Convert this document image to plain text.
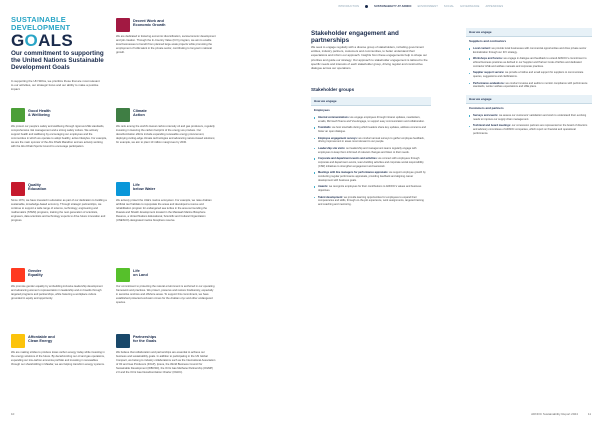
INTRODUCTION	SUSTAINABILITY AT ADNOC ENVIRONMENT SOCIAL GOVERNANCE APPENDICES
SUSTAINABLE
DEVELOPMENT
GOALS
Our commitment to supporting the United Nations Sustainable Development Goals
In supporting the UN SDGs, we prioritize those that are most relevant to our activities, our strategic focus and our ability to make a positive impact.
Decent Work and
Economic Growth
We are dedicated to fostering economic diversification, socioeconomic development and job creation. Through the In-Country Value (ICV) program, we aim to enable local businesses to benefit from planned large-scale projects while promoting the employment of UAE talent in the private sector, contributing to long-term national growth.
Good Health
& Wellbeing
We protect our people's safety and wellbeing through rigorous HSE standards, comprehensive risk management and a strong safety culture. We actively support health and wellbeing by encouraging our employees and the communities in which we operate to adopt healthy, active lifestyles. For example, we are the main sponsor of the Abu Dhabi Marathon and are actively working with the Abu Dhabi Sports Council to encourage participation.
Climate
Action
We rank among the world's lowest carbon-intensity oil and gas producers, regularly investing in lowering the carbon footprint of the energy we produce. Our decarbonization efforts include expanding renewable energy procurement, deploying cutting-edge climate technologies and advancing nature-based solutions; for example, we aim to plant 10 million mangroves by 2030.
Quality
Education
Since 1974, we have invested in education as part of our dedication to building a sustainable, knowledge-based economy. Through strategic partnerships, we continue to support a wide range of science, technology, engineering and mathematics (STEM) programs, training the next generation of scientists, engineers, data scientists and technology experts to drive future innovation and progress.
Life
below Water
We actively protect the UAE's marine ecosystem. For example, we raise Arabian artificial reef habitats to repopulate the areas and developed a rescue and rehabilitation program for endangered sea turtles in the area surrounding the Ruwais and Sheikh development located in the Marawah Marine Biosphere Reserve, a United Nations Educational, Scientific and Cultural Organization (UNESCO)-designated marine biosphere reserve.
Gender
Equality
We promote gender equality by embedding inclusive leadership development and advancing women's representation in leadership and on boards through targeted programs and partnerships, while fostering a workplace culture grounded in equity and opportunity.
Life
on Land
Our commitment to protecting the natural environment is anchored in our operating framework and practices. We protect, preserve and restore biodiversity, especially in sensitive onshore and offshore areas. To support this commitment, we have established protected exclusion zones for the Arabian oryx and other endangered species.
Affordable and
Clean Energy
We are making strides to produce lower-carbon energy today while investing in the energy solutions of the future. By decarbonizing our oil and gas operations, expanding our low-carbon ammonia portfolio and investing in renewables through our shareholding in Masdar, we are helping transform energy systems.
Partnerships
for the Goals
We believe that collaboration and partnerships are essential to achieve our business and sustainability goals. In addition to participating in the UN Global Compact, we belong to industry collaborations such as the International Association of Oil and Gas Producers (IOGP), Ipieca, the World Business Council for Sustainable Development (WBCSD), the Oil & Gas Methane Partnership (OGMP) 2.0 and the Oil & Gas Decarbonization Charter (OGDC).
10
Stakeholder engagement and partnerships
We seek to engage regularly with a diverse group of stakeholders, including government entities, industry partners, customers and communities, to better understand their expectations and inform our approach. Insights from these engagements help to shape our priorities and guide our strategy. Our approach to stakeholder engagement is tailored to the specific needs and interests of each stakeholder group, driving regular and constructive dialogue across our operations.
Stakeholder groups
How we engage
Employees
Internal communications: we engage employees through intranet updates, newsletters, emails, Microsoft Teams and Viva Engage, to support easy communication and collaboration.
Townhalls: we host townhalls during which leaders share key updates, address concerns and foster an open dialogue.
Employee engagement surveys: we conduct annual surveys to gather employee feedback, driving improvement in areas most relevant to our people.
Leadership site visits: our leadership and management teams regularly engage with employees to keep them informed of relevant changes and listen to their needs.
Corporate and department events and activities: we connect with employees through corporate and department events, team-building activities and corporate social responsibility (CSR) initiatives to strengthen engagement and teamwork.
Meetings with line managers for performance appraisals: we support employee growth by conducting regular performance appraisals, providing feedback and aligning career development with business goals.
Awards: we recognize employees for their contributions to ADNOC's values and business objectives.
Talent development: we provide learning opportunities for employees to expand their competencies and skills, through on-the-job experience, work assignments, targeted training and coaching and mentoring.
How we engage
Suppliers and contractors
Local content: we provide local businesses with commercial opportunities and drive private sector Emiratization through our ICV strategy.
Workshops and forums: we engage in dialogue and feedback to extend ADNOC's commitment to ethical business practices as defined in our Supplier and Partner Code of Ethics and dedicated contractor HSE and welfare manuals and corporate practices.
Supplier support service: we provide a hotline and email support for suppliers to communicate queries, suggestions and clarifications.
Performance evaluations: we conduct reviews and audits to monitor compliance with performance standards, worker welfare expectations and HSE plans.
How we engage
Customers and partners
Surveys and events: we assess our customers' satisfaction and work to understand their evolving needs to improve our supply chain management.
Technical and board meetings: our concession partners are represented on the board of directors and advisory committees of ADNOC companies, which report on financial and operational performance.
ADNOC Sustainability Report 2024	11
